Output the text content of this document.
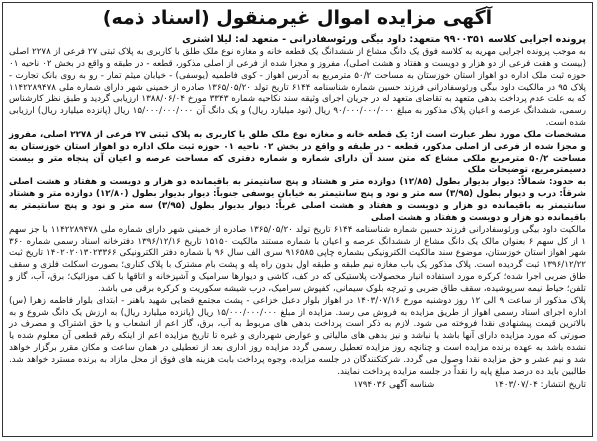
آگهی مزایده اموال غیرمنقول (اسناد ذمه)
پرونده اجرایی کلاسه ۹۹۰۰۳۵۱ متعهد: داود بیگی ورئوسفادرانی - متعهد له: لیلا اشتری

به موجب پرونده اجرایی مهریه به کلاسه فوق یک دانگ مشاع از ششدانگ یک قطعه خانه و مغازه نوع ملک طلق با کاربری به پلاک ثبتی ۲۷ فرعی از ۲۲۷۸ اصلی (بیست و هفت فرعی از دو هزار و دویست و هفتاد و هشت اصلی)، مفروز و مجزا شده از فرعی از اصلی مذکور، قطعه - در طبقه و واقع در بخش ۰۲ ناحیه ۰۱ حوزه ثبت ملک اداره دو اهواز استان خوزستان به مساحت ۵۰/۲ مترمربع به آدرس اهواز - کوی فاطمیه (یوسفی) - خیابان میثم تمار - رو به روی بانک تجارت - پلاک ۹۵ در مالکیت داود بیگی ورئوسفادرانی فرزند حسین شماره شناسنامه ۶۱۴۴ تاریخ تولد ۱۳۶۵/۰۵/۲۰ صادره از خمینی شهر دارای شماره ملی ۱۱۴۲۲۸۹۴۷۸ که به علت عدم پرداخت بدهی متعهد به تقاضای متعهد له در جریان اجرای وثیقه سند نکاحیه شماره ۳۳۴۳ مورخ ۱۳۸۸/۰۶/۰۴ ارزیابی گردید و طبق نظر کارشناس رسمی، ششدانگ عرصه و اعیان پلاک مذکور به مبلغ ۹۰/۰۰۰/۰۰۰/۰۰۰ ریال (نود میلیارد ریال) و یک دانگ آن ۱۵/۰۰۰/۰۰۰/۰۰۰ ریال (پانزده میلیارد ریال) ارزیابی شده است.

مشخصات ملک مورد نظر عبارت است از: یک قطعه خانه و مغازه نوع ملک طلق با کاربری به پلاک ثبتی ۲۷ فرعی از ۲۲۷۸ اصلی، مفروز و مجزا شده از فرعی از اصلی مذکور، قطعه - در طبقه و واقع در بخش ۰۲ ناحیه ۰۱ حوزه ثبت ملک اداره دو اهواز استان خوزستان به مساحت ۵۰/۲ مترمربع ملکی مشاع که متن سند آن دارای شماره و شماره دفتری که مساحت عرصه و اعیان آن پنجاه متر و بیست دسیمترمربع، توضیحات ملک

به حدود: شمالاً: دیوار بدیوار بطول (۱۲/۸۵) دوازده متر و هشتاد و پنج سانتیمتر به باقیمانده دو هزار و دویست و هفتاد و هشت اصلی شرقاً: درب و دیوار بطول (۳/۹۵) سه متر و نود و پنج سانتیمتر به خیابان یوسفی جنوباً: دیوار بدیوار بطول (۱۲/۸۰) دوازده متر و هشتاد سانتیمتر به باقیمانده دو هزار و دویست و هفتاد و هشت اصلی غرباً: دیوار بدیوار بطول (۳/۹۵) سه متر و نود و پنج سانتیمتر به باقیمانده دو هزار و دویست و هفتاد و هشت اصلی

مالکیت داود بیگی ورئوسفادرانی فرزند حسین شماره شناسنامه ۶۱۴۴ تاریخ تولد ۱۳۶۵/۰۵/۲۰ صادره از خمینی شهر دارای شماره ملی ۱۱۴۲۲۸۹۴۷۸ با جز سهم ۱ از کل سهم ۶ بعنوان مالک یک دانگ مشاع از ششدانگ عرصه و اعیان با شماره مستند مالکیت ۱۵۱۵۰ تاریخ ۱۳۹۶/۱۲/۱۶ دفترخانه اسناد رسمی شماره ۳۶۰ شهر اهواز استان خوزستان، موضوع سند مالکیت الکترونیکی بشماره چاپی ۹۱۶۵۸۵ سری الف سال ۹۶ با شماره دفتر الکترونیکی ۱۴۰۲۰۲۰۱۳۰۲۳۳۶۶ تاریخ ثبت ۱۳۹۶/۱۲/۲۲ ثبت گردیده است. پلاک مذکور یک باب مغازه نیم طبقه و طبقه اول بدون راه پله و پشت بام مشترک با پلاک کناری؛ بصورت اسکلت فلزی و سقف طاق ضربی اجرا شده؛ کرکره مورد استفاده انبار محصولات پلاستیکی که در کف، کاشی و دیوارها سرامیک و آشپزخانه و اتاقها با کف موزائیک؛ برق، آب، گاز و تلفن؛ حیاط نیمه سرپوشیده، سقف طاق ضربی و تیرچه بلوک سیمانی، کفپوش سرامیک، درب شیشه سکوریت و کرکره برقی می باشد.

پلاک مذکور از ساعت ۹ الی ۱۲ روز دوشنبه مورخ ۱۴۰۳/۰۷/۱۶ در اهواز بلوار دعبل خزاعی - پشت مجتمع قضایی شهید باهنر - ابتدای بلوار فاطمه زهرا (س) اداره اجرای اسناد رسمی اهواز از طریق مزایده به فروش می رسد. مزایده از مبلغ ۱۵/۰۰۰/۰۰۰/۰۰۰ ریال (پانزده میلیارد ریال) به ارزش یک دانگ شروع و به بالاترین قیمت پیشنهادی نقدا فروخته می شود. لازم به ذکر است پرداخت بدهی های مربوط به آب، برق، گاز اعم از انشعاب و یا حق اشتراک و مصرف در صورتی که مورد مزایده دارای آنها باشد یا نباشد و نیز بدهی های مالیاتی و عوارض شهرداری و غیره تا تاریخ مزایده اعم از اینکه رقم قطعی آن معلوم شده یا نشده باشد به عهده برنده مزایده است و چنانچه روز مزایده تعطیل رسمی گردد مزایده روز اداری بعد از تعطیلی در همان ساعت و مکان مقرر برگزار خواهد شد و نیم عشر و حق مزایده نقدا وصول می گردد. شرکتکنندگان در جلسه مزایده، وجوه پرداخت بابت هزینه های فوق از محل مازاد به برنده مسترد خواهد شد. طالبین باید ده درصد مبلغ پایه را نقداً در جلسه مزایده پرداخت نمایند.

تاریخ انتشار: ۱۴۰۳/۰۷/۰۴
شناسه آگهی ۱۷۹۴۰۳۶
